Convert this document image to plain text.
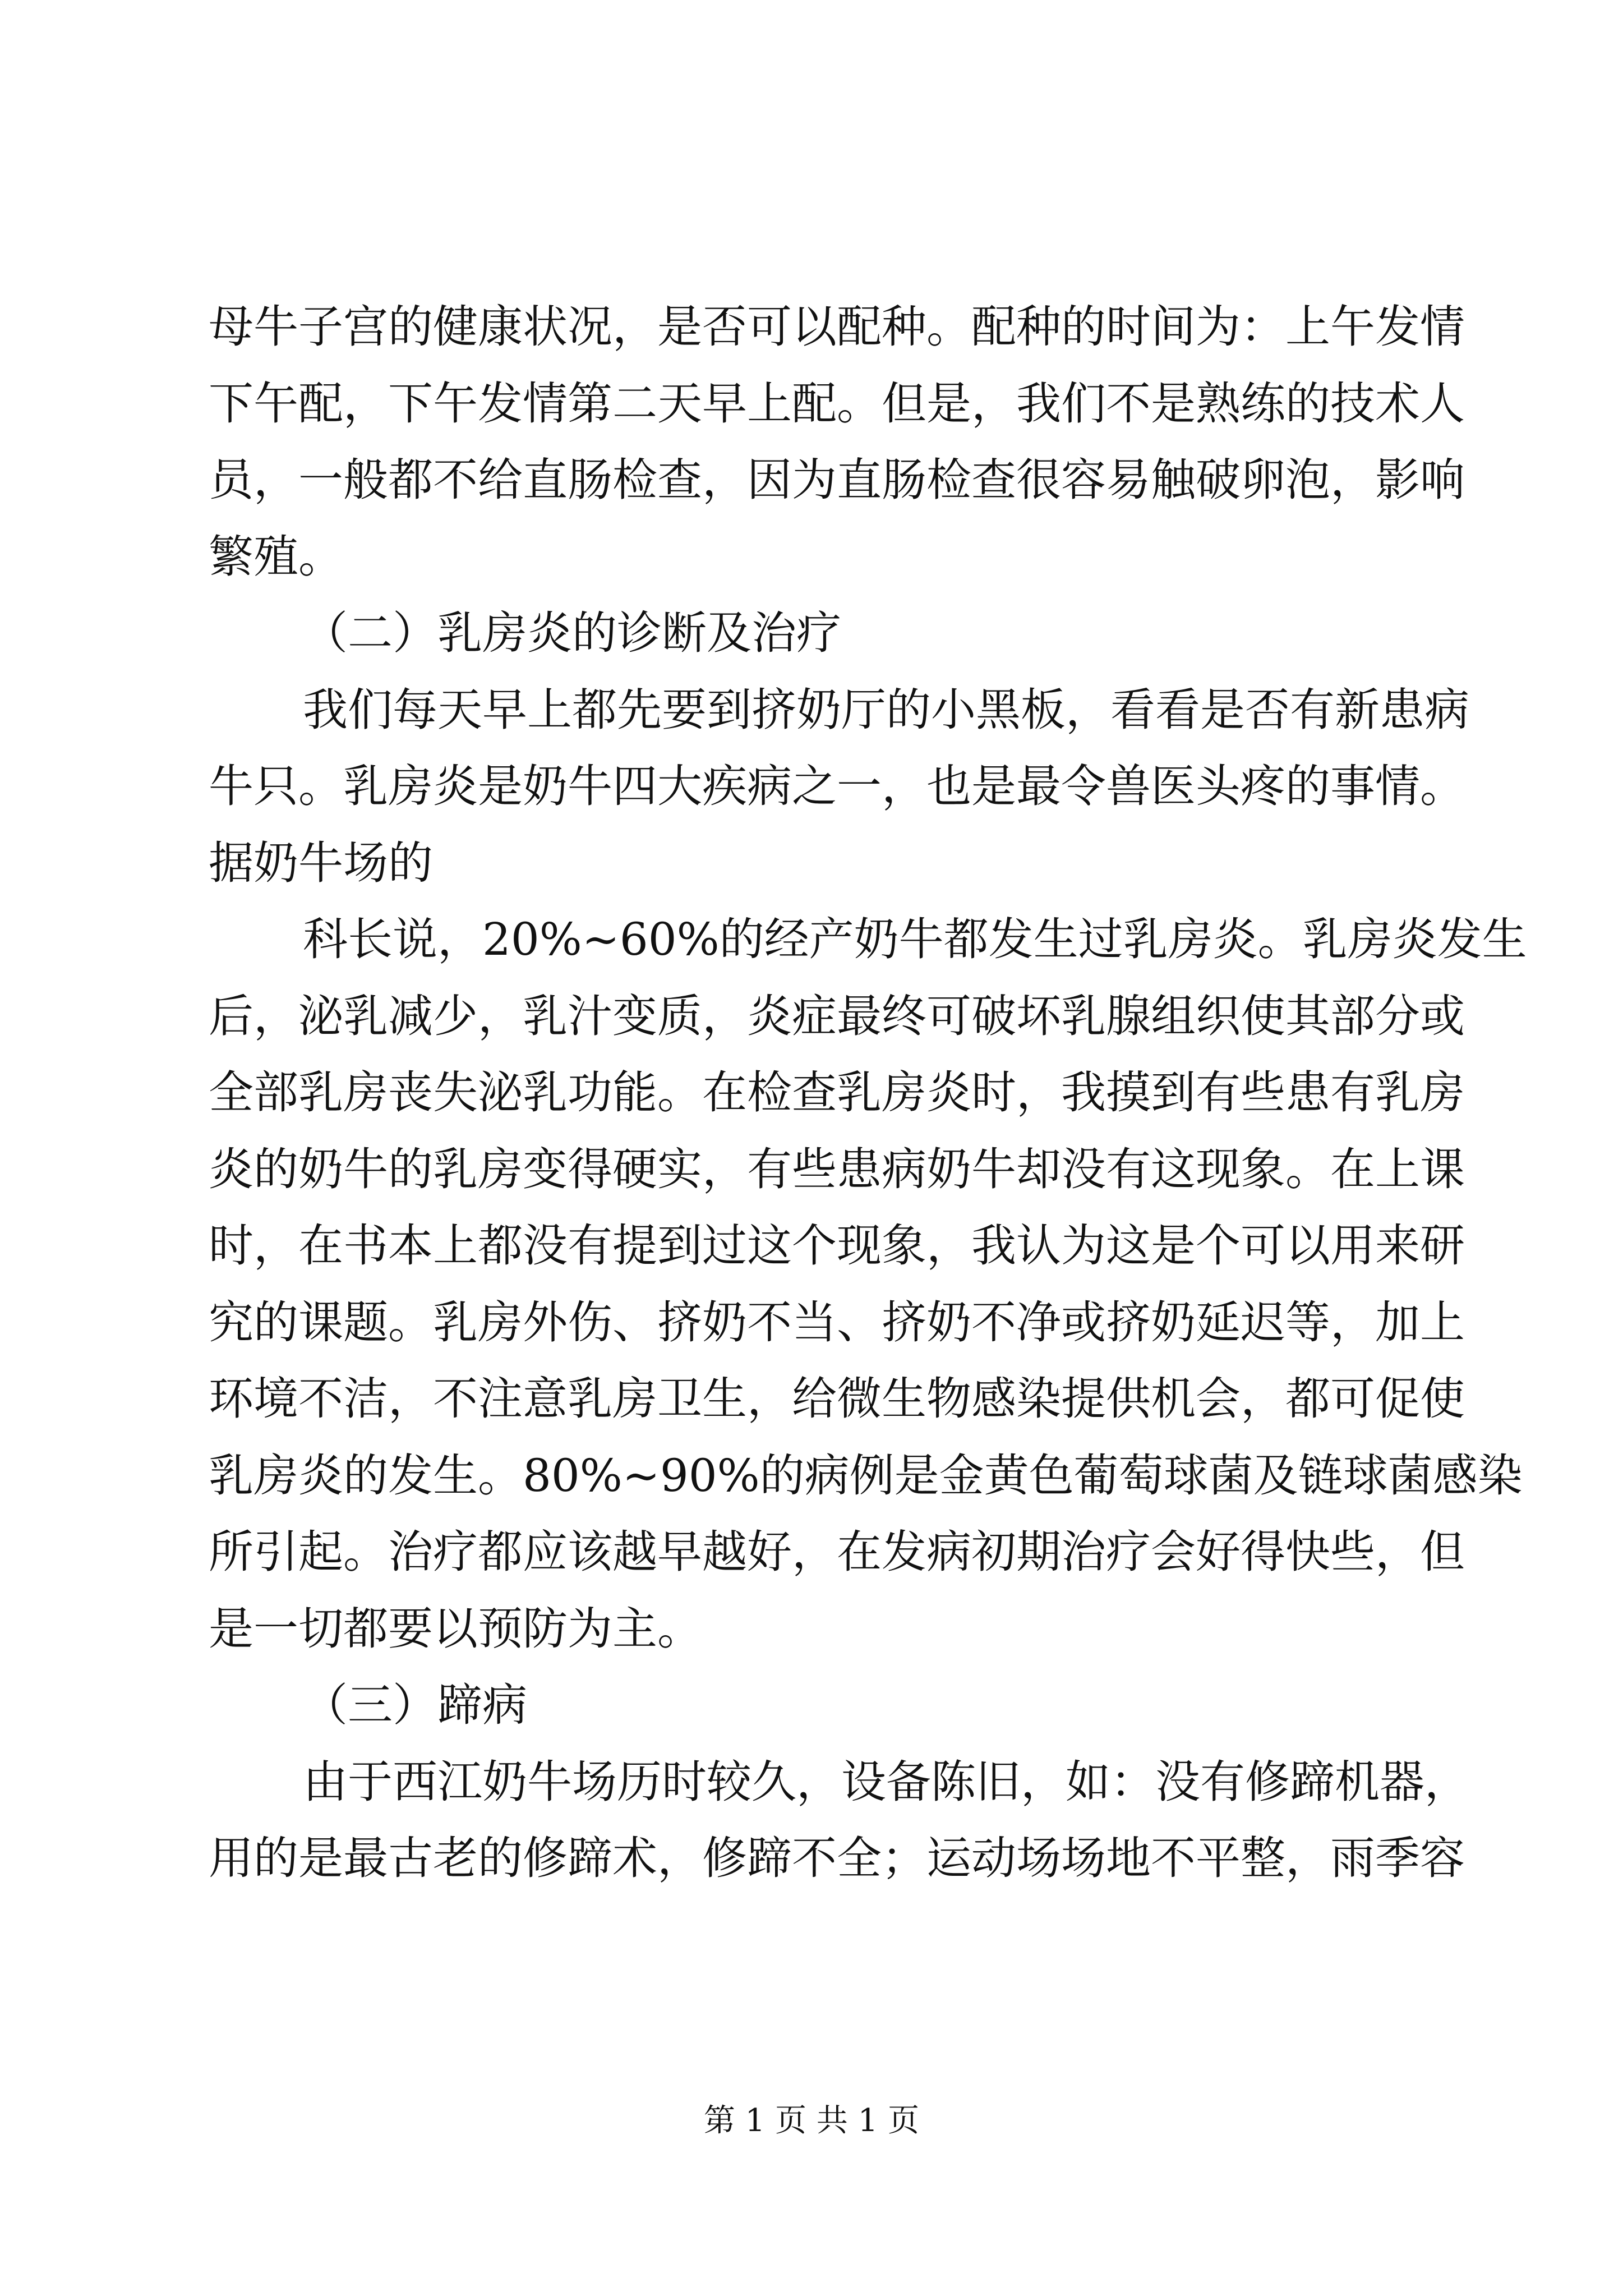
母牛子宫的健康状况，是否可以配种。配种的时间为：上午发情
下午配，下午发情第二天早上配。但是，我们不是熟练的技术人
员，一般都不给直肠检查，因为直肠检查很容易触破卵泡，影响
繁殖。
（二）乳房炎的诊断及治疗
我们每天早上都先要到挤奶厅的小黑板，看看是否有新患病
牛只。乳房炎是奶牛四大疾病之一，也是最令兽医头疼的事情。
据奶牛场的
科长说，20%~60%的经产奶牛都发生过乳房炎。乳房炎发生
后，泌乳减少，乳汁变质，炎症最终可破坏乳腺组织使其部分或
全部乳房丧失泌乳功能。在检查乳房炎时，我摸到有些患有乳房
炎的奶牛的乳房变得硬实，有些患病奶牛却没有这现象。在上课
时，在书本上都没有提到过这个现象，我认为这是个可以用来研
究的课题。乳房外伤、挤奶不当、挤奶不净或挤奶延迟等，加上
环境不洁，不注意乳房卫生，给微生物感染提供机会，都可促使
乳房炎的发生。80%~90%的病例是金黄色葡萄球菌及链球菌感染
所引起。治疗都应该越早越好，在发病初期治疗会好得快些，但
是一切都要以预防为主。
（三）蹄病
由于西江奶牛场历时较久，设备陈旧，如：没有修蹄机器，
用的是最古老的修蹄术，修蹄不全；运动场场地不平整，雨季容
第 1 页 共 1 页
